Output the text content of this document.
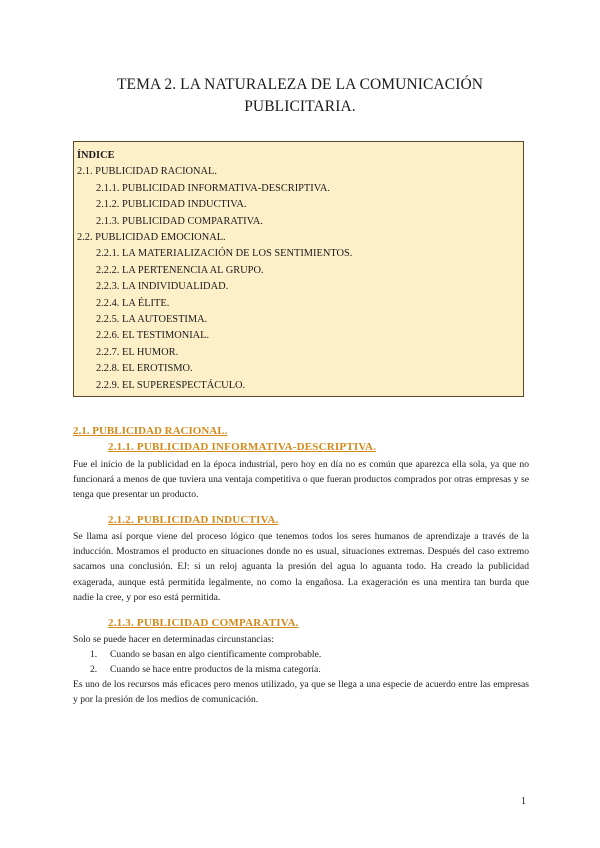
TEMA 2. LA NATURALEZA DE LA COMUNICACIÓN
PUBLICITARIA.
ÍNDICE
2.1. PUBLICIDAD RACIONAL.
2.1.1. PUBLICIDAD INFORMATIVA-DESCRIPTIVA.
2.1.2. PUBLICIDAD INDUCTIVA.
2.1.3. PUBLICIDAD COMPARATIVA.
2.2. PUBLICIDAD EMOCIONAL.
2.2.1. LA MATERIALIZACIÓN DE LOS SENTIMIENTOS.
2.2.2. LA PERTENENCIA AL GRUPO.
2.2.3. LA INDIVIDUALIDAD.
2.2.4. LA ÉLITE.
2.2.5. LA AUTOESTIMA.
2.2.6. EL TESTIMONIAL.
2.2.7. EL HUMOR.
2.2.8. EL EROTISMO.
2.2.9. EL SUPERESPECTÁCULO.
2.1. PUBLICIDAD RACIONAL.
2.1.1. PUBLICIDAD INFORMATIVA-DESCRIPTIVA.
Fue el inicio de la publicidad en la época industrial, pero hoy en día no es común que aparezca ella sola, ya que no funcionará a menos de que tuviera una ventaja competitiva o que fueran productos comprados por otras empresas y se tenga que presentar un producto.
2.1.2. PUBLICIDAD INDUCTIVA.
Se llama así porque viene del proceso lógico que tenemos todos los seres humanos de aprendizaje a través de la inducción. Mostramos el producto en situaciones donde no es usual, situaciones extremas. Después del caso extremo sacamos una conclusión. EJ: si un reloj aguanta la presión del agua lo aguanta todo. Ha creado la publicidad exagerada, aunque está permitida legalmente, no como la engañosa. La exageración es una mentira tan burda que nadie la cree, y por eso está permitida.
2.1.3. PUBLICIDAD COMPARATIVA.
Solo se puede hacer en determinadas circunstancias:
1.	Cuando se basan en algo científicamente comprobable.
2.	Cuando se hace entre productos de la misma categoría.
Es uno de los recursos más eficaces pero menos utilizado, ya que se llega a una especie de acuerdo entre las empresas y por la presión de los medios de comunicación.
1
